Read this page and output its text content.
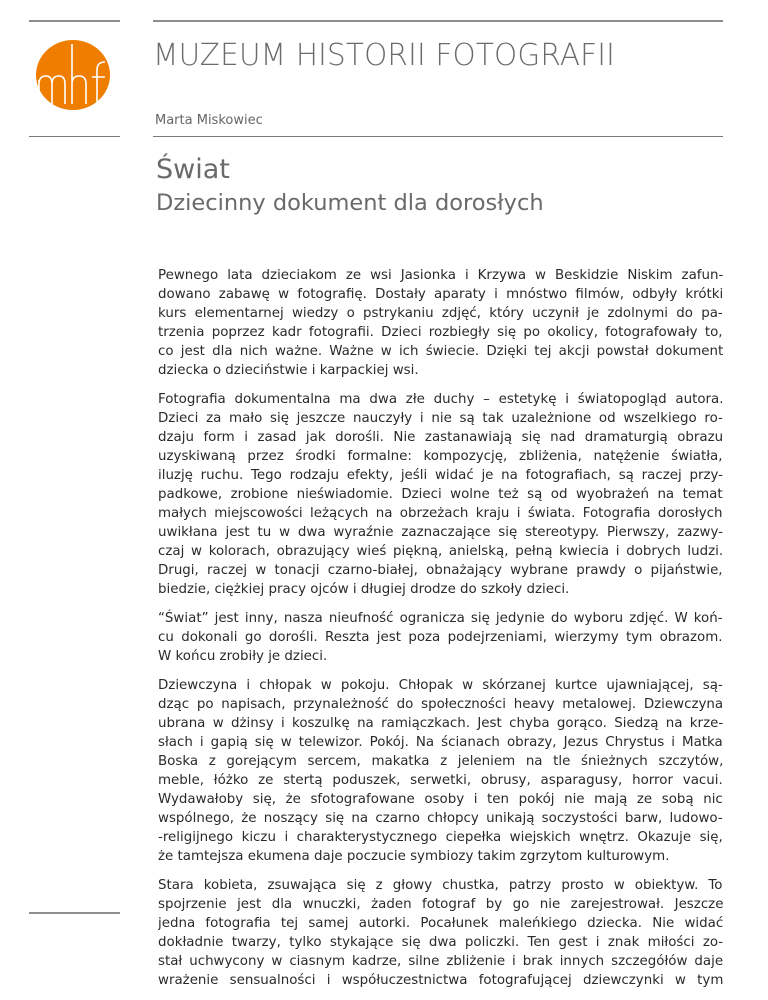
MUZEUM HISTORII FOTOGRAFII
Marta Miskowiec
Świat
Dziecinny dokument dla dorosłych
Pewnego lata dzieciakom ze wsi Jasionka i Krzywa w Beskidzie Niskim zafun-
dowano zabawę w fotografię. Dostały aparaty i mnóstwo filmów, odbyły krótki
kurs elementarnej wiedzy o pstrykaniu zdjęć, który uczynił je zdolnymi do pa-
trzenia poprzez kadr fotografii. Dzieci rozbiegły się po okolicy, fotografowały to,
co jest dla nich ważne. Ważne w ich świecie. Dzięki tej akcji powstał dokument
dziecka o dzieciństwie i karpackiej wsi.
Fotografia dokumentalna ma dwa złe duchy – estetykę i światopogląd autora.
Dzieci za mało się jeszcze nauczyły i nie są tak uzależnione od wszelkiego ro-
dzaju form i zasad jak dorośli. Nie zastanawiają się nad dramaturgią obrazu
uzyskiwaną przez środki formalne: kompozycję, zbliżenia, natężenie światła,
iluzję ruchu. Tego rodzaju efekty, jeśli widać je na fotografiach, są raczej przy-
padkowe, zrobione nieświadomie. Dzieci wolne też są od wyobrażeń na temat
małych miejscowości leżących na obrzeżach kraju i świata. Fotografia dorosłych
uwikłana jest tu w dwa wyraźnie zaznaczające się stereotypy. Pierwszy, zazwy-
czaj w kolorach, obrazujący wieś piękną, anielską, pełną kwiecia i dobrych ludzi.
Drugi, raczej w tonacji czarno-białej, obnażający wybrane prawdy o pijaństwie,
biedzie, ciężkiej pracy ojców i długiej drodze do szkoły dzieci.
“Świat” jest inny, nasza nieufność ogranicza się jedynie do wyboru zdjęć. W koń-
cu dokonali go dorośli. Reszta jest poza podejrzeniami, wierzymy tym obrazom.
W końcu zrobiły je dzieci.
Dziewczyna i chłopak w pokoju. Chłopak w skórzanej kurtce ujawniającej, są-
dząc po napisach, przynależność do społeczności heavy metalowej. Dziewczyna
ubrana w dżinsy i koszulkę na ramiączkach. Jest chyba gorąco. Siedzą na krze-
słach i gapią się w telewizor. Pokój. Na ścianach obrazy, Jezus Chrystus i Matka
Boska z gorejącym sercem, makatka z jeleniem na tle śnieżnych szczytów,
meble, łóżko ze stertą poduszek, serwetki, obrusy, asparagusy, horror vacui.
Wydawałoby się, że sfotografowane osoby i ten pokój nie mają ze sobą nic
wspólnego, że noszący się na czarno chłopcy unikają soczystości barw, ludowo-
-religijnego kiczu i charakterystycznego ciepełka wiejskich wnętrz. Okazuje się,
że tamtejsza ekumena daje poczucie symbiozy takim zgrzytom kulturowym.
Stara kobieta, zsuwająca się z głowy chustka, patrzy prosto w obiektyw. To
spojrzenie jest dla wnuczki, żaden fotograf by go nie zarejestrował. Jeszcze
jedna fotografia tej samej autorki. Pocałunek maleńkiego dziecka. Nie widać
dokładnie twarzy, tylko stykające się dwa policzki. Ten gest i znak miłości zo-
stał uchwycony w ciasnym kadrze, silne zbliżenie i brak innych szczegółów daje
wrażenie sensualności i współuczestnictwa fotografującej dziewczynki w tym
